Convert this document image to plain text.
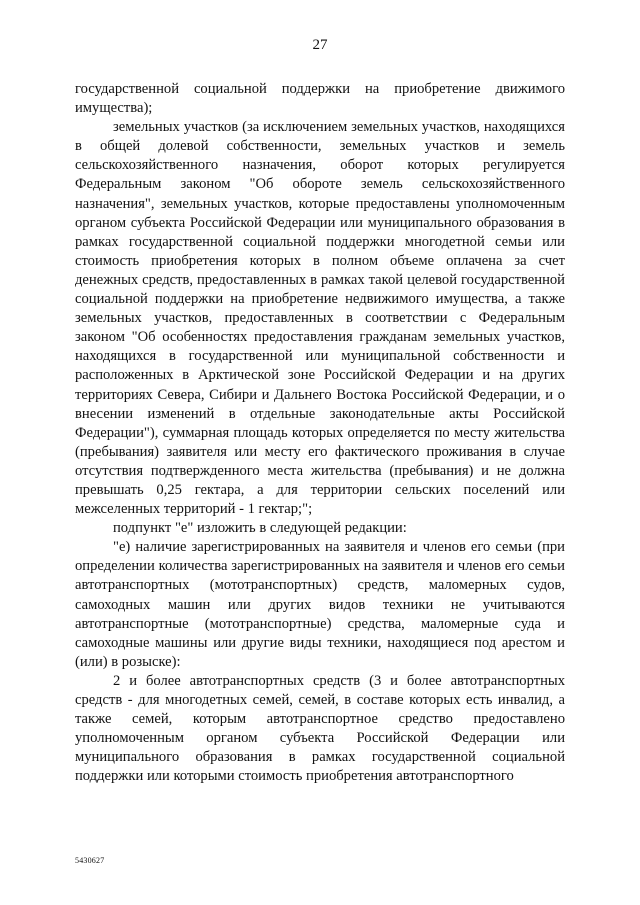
27

государственной социальной поддержки на приобретение движимого имущества);

земельных участков (за исключением земельных участков, находящихся в общей долевой собственности, земельных участков и земель сельскохозяйственного назначения, оборот которых регулируется Федеральным законом "Об обороте земель сельскохозяйственного назначения", земельных участков, которые предоставлены уполномоченным органом субъекта Российской Федерации или муниципального образования в рамках государственной социальной поддержки многодетной семьи или стоимость приобретения которых в полном объеме оплачена за счет денежных средств, предоставленных в рамках такой целевой государственной социальной поддержки на приобретение недвижимого имущества, а также земельных участков, предоставленных в соответствии с Федеральным законом "Об особенностях предоставления гражданам земельных участков, находящихся в государственной или муниципальной собственности и расположенных в Арктической зоне Российской Федерации и на других территориях Севера, Сибири и Дальнего Востока Российской Федерации, и о внесении изменений в отдельные законодательные акты Российской Федерации"), суммарная площадь которых определяется по месту жительства (пребывания) заявителя или месту его фактического проживания в случае отсутствия подтвержденного места жительства (пребывания) и не должна превышать 0,25 гектара, а для территории сельских поселений или межселенных территорий - 1 гектар;";

подпункт "е" изложить в следующей редакции:

"е) наличие зарегистрированных на заявителя и членов его семьи (при определении количества зарегистрированных на заявителя и членов его семьи автотранспортных (мототранспортных) средств, маломерных судов, самоходных машин или других видов техники не учитываются автотранспортные (мототранспортные) средства, маломерные суда и самоходные машины или другие виды техники, находящиеся под арестом и (или) в розыске):

2 и более автотранспортных средств (3 и более автотранспортных средств - для многодетных семей, семей, в составе которых есть инвалид, а также семей, которым автотранспортное средство предоставлено уполномоченным органом субъекта Российской Федерации или муниципального образования в рамках государственной социальной поддержки или которыми стоимость приобретения автотранспортного

5430627
